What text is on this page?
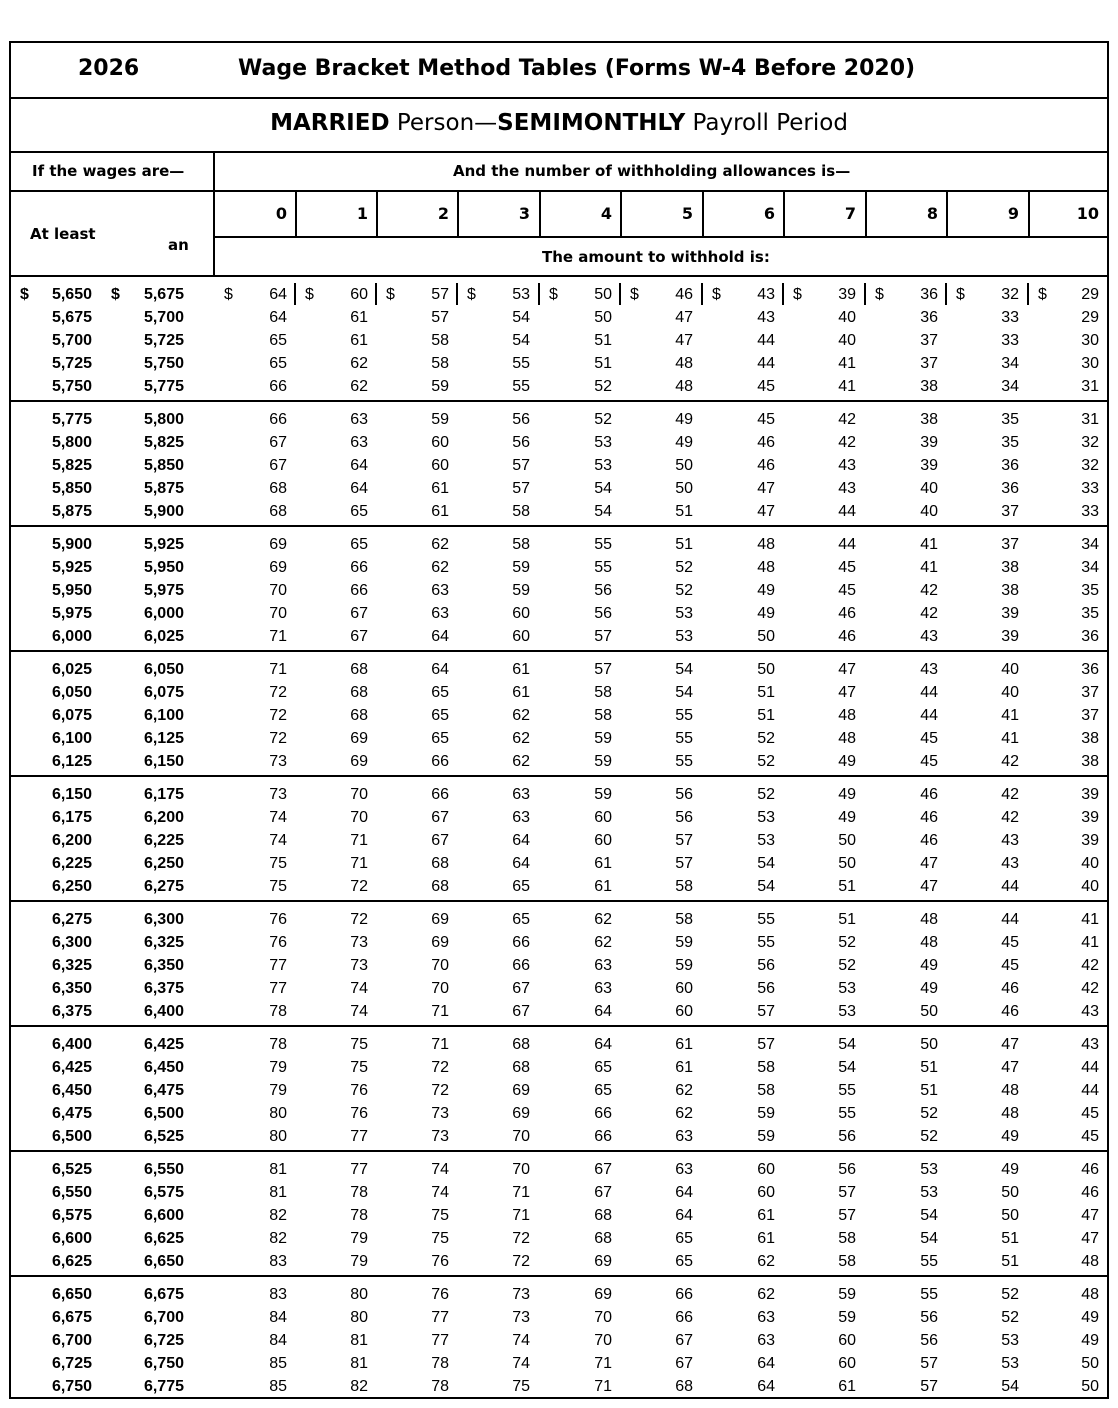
2026	Wage Bracket Method Tables (Forms W-4 Before 2020)
MARRIED Person—SEMIMONTHLY Payroll Period
If the wages are—	And the number of withholding allowances is—
At least
an
The amount to withhold is:
0	1	2	3	4	5	6	7	8	9	10
5,650	5,675	64	60	57	53	50	46	43	39	36	32	29
$	$	$	$	$	$	$	$	$	$	$	$	$
5,675	5,700	64	61	57	54	50	47	43	40	36	33	29
5,700	5,725	65	61	58	54	51	47	44	40	37	33	30
5,725	5,750	65	62	58	55	51	48	44	41	37	34	30
5,750	5,775	66	62	59	55	52	48	45	41	38	34	31
5,775	5,800	66	63	59	56	52	49	45	42	38	35	31
5,800	5,825	67	63	60	56	53	49	46	42	39	35	32
5,825	5,850	67	64	60	57	53	50	46	43	39	36	32
5,850	5,875	68	64	61	57	54	50	47	43	40	36	33
5,875	5,900	68	65	61	58	54	51	47	44	40	37	33
5,900	5,925	69	65	62	58	55	51	48	44	41	37	34
5,925	5,950	69	66	62	59	55	52	48	45	41	38	34
5,950	5,975	70	66	63	59	56	52	49	45	42	38	35
5,975	6,000	70	67	63	60	56	53	49	46	42	39	35
6,000	6,025	71	67	64	60	57	53	50	46	43	39	36
6,025	6,050	71	68	64	61	57	54	50	47	43	40	36
6,050	6,075	72	68	65	61	58	54	51	47	44	40	37
6,075	6,100	72	68	65	62	58	55	51	48	44	41	37
6,100	6,125	72	69	65	62	59	55	52	48	45	41	38
6,125	6,150	73	69	66	62	59	55	52	49	45	42	38
6,150	6,175	73	70	66	63	59	56	52	49	46	42	39
6,175	6,200	74	70	67	63	60	56	53	49	46	42	39
6,200	6,225	74	71	67	64	60	57	53	50	46	43	39
6,225	6,250	75	71	68	64	61	57	54	50	47	43	40
6,250	6,275	75	72	68	65	61	58	54	51	47	44	40
6,275	6,300	76	72	69	65	62	58	55	51	48	44	41
6,300	6,325	76	73	69	66	62	59	55	52	48	45	41
6,325	6,350	77	73	70	66	63	59	56	52	49	45	42
6,350	6,375	77	74	70	67	63	60	56	53	49	46	42
6,375	6,400	78	74	71	67	64	60	57	53	50	46	43
6,400	6,425	78	75	71	68	64	61	57	54	50	47	43
6,425	6,450	79	75	72	68	65	61	58	54	51	47	44
6,450	6,475	79	76	72	69	65	62	58	55	51	48	44
6,475	6,500	80	76	73	69	66	62	59	55	52	48	45
6,500	6,525	80	77	73	70	66	63	59	56	52	49	45
6,525	6,550	81	77	74	70	67	63	60	56	53	49	46
6,550	6,575	81	78	74	71	67	64	60	57	53	50	46
6,575	6,600	82	78	75	71	68	64	61	57	54	50	47
6,600	6,625	82	79	75	72	68	65	61	58	54	51	47
6,625	6,650	83	79	76	72	69	65	62	58	55	51	48
6,650	6,675	83	80	76	73	69	66	62	59	55	52	48
6,675	6,700	84	80	77	73	70	66	63	59	56	52	49
6,700	6,725	84	81	77	74	70	67	63	60	56	53	49
6,725	6,750	85	81	78	74	71	67	64	60	57	53	50
6,750	6,775	85	82	78	75	71	68	64	61	57	54	50
